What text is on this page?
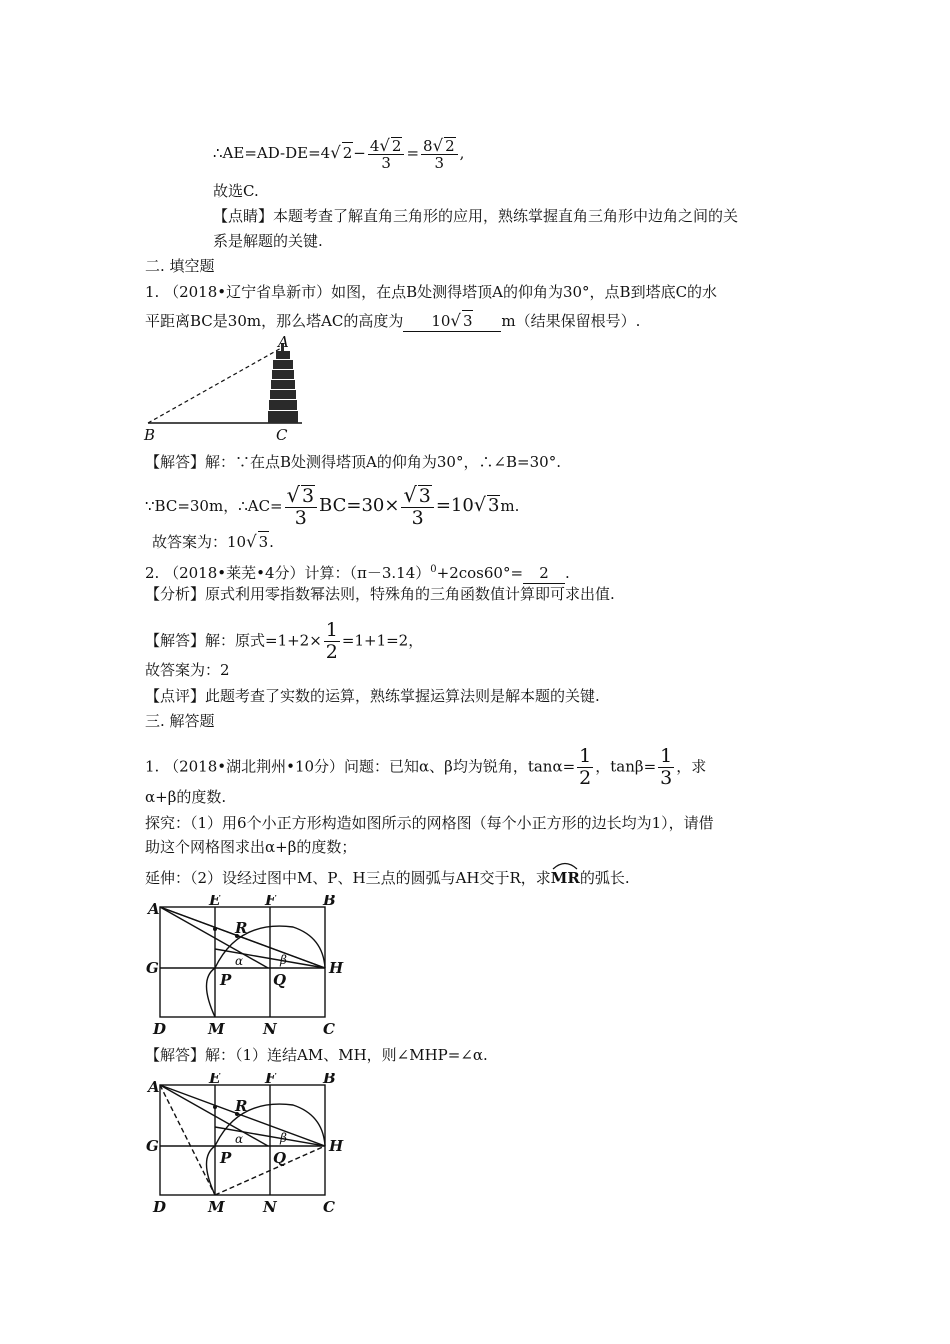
∴AE=AD-DE=4√ $2- \frac{4√ 2}{3} = \frac{8√ 2}{3}$ ,
故选C.
【点睛】本题考查了解直角三角形的应用，熟练掌握直角三角形中边角之间的关
系是解题的关键.
二. 填空题
1. （2018•辽宁省阜新市）如图，在点B处测得塔顶A的仰角为30°，点B到塔底C的水
平距离BC是30m，那么塔AC的高度为 10√ 3 m（结果保留根号）.
A
B	C
【解答】解：∵在点B处测得塔顶A的仰角为30°，∴∠B=30°.
∵BC=30m，∴AC= $\frac{√ 3}{3} BC=30\times \frac{√ 3}{3} =10√$ 3m.
故答案为：10√ 3.
2. （2018•莱芜•4分）计算：$(\pi-3.14)^0+2\cos 60^\circ= 2$ .
【分析】原式利用零指数幂法则，特殊角的三角函数值计算即可求出值.
【解答】解：原式$=1+2\times \frac{1}{2} =1+1=2$，
故答案为：2
【点评】此题考查了实数的运算，熟练掌握运算法则是解本题的关键.
三. 解答题
1. （2018•湖北荆州•10分）问题：已知α、β均为锐角，$\tan\alpha= \frac{1}{2}$ ，$\tan\beta= \frac{1}{3}$ ，求
α+β的度数.
探究：（1）用6个小正方形构造如图所示的网格图（每个小正方形的边长均为1），请借
助这个网格图求出α+β的度数；
延伸：（2）设经过图中M、P、H三点的圆弧与AH交于R，求
MR的弧长.
A	E	F	B
G	H
D	M	N	C
P	Q
R
α	β
【解答】解：（1）连结AM、MH，则∠MHP=∠α.
A	E	F	B
G	H
D	M	N	C
P	Q
R
α	β
